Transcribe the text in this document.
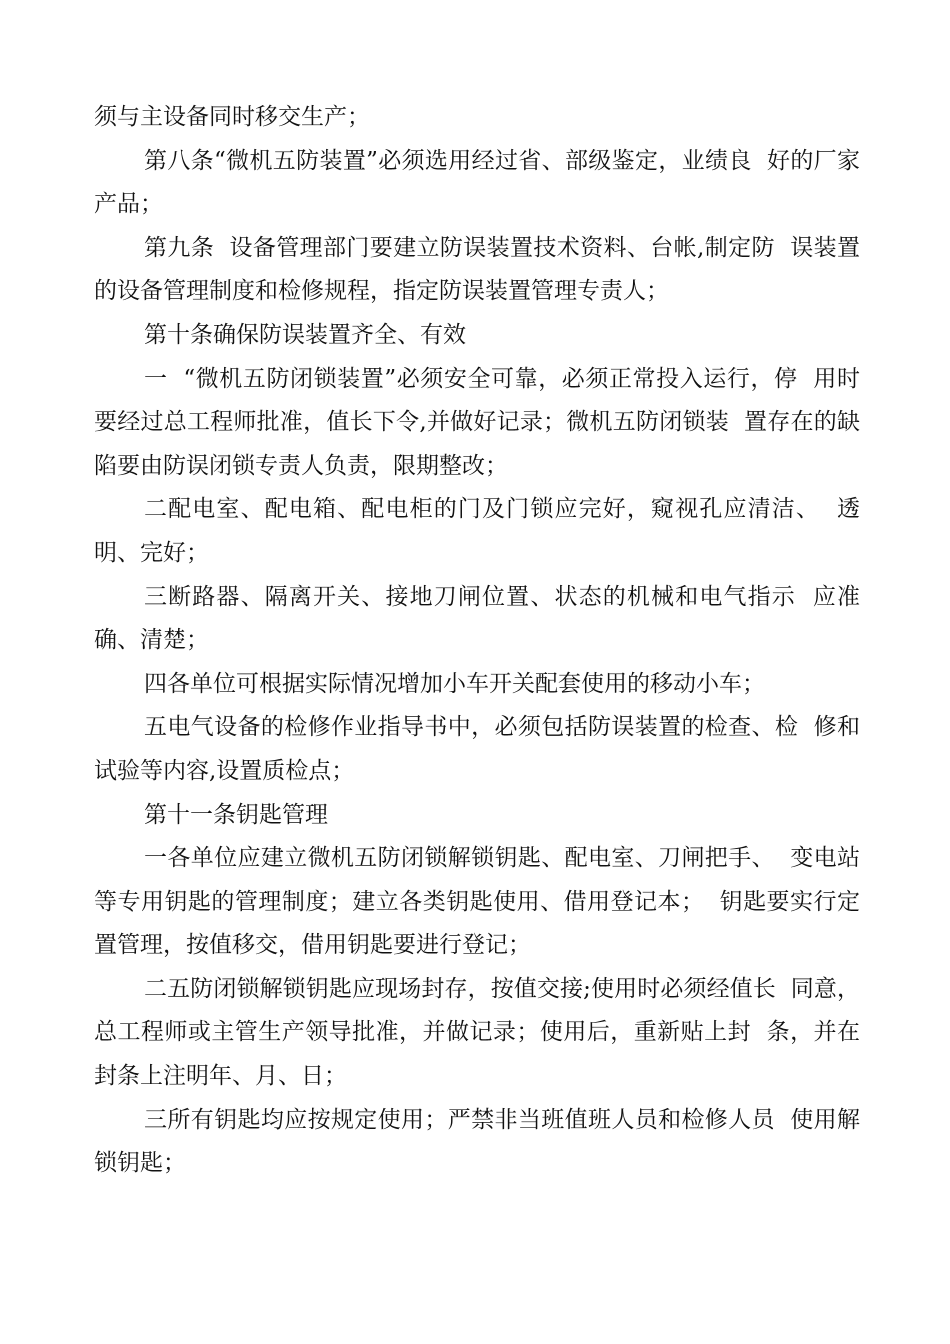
须与主设备同时移交生产；

第八条“微机五防装置”必须选用经过省、部级鉴定，业绩良  好的厂家产品；

第九条  设备管理部门要建立防误装置技术资料、台帐,制定防  误装置的设备管理制度和检修规程，指定防误装置管理专责人；

第十条确保防误装置齐全、有效

一  “微机五防闭锁装置”必须安全可靠，必须正常投入运行，停  用时要经过总工程师批准，值长下令,并做好记录；微机五防闭锁装  置存在的缺陷要由防误闭锁专责人负责，限期整改；

二配电室、配电箱、配电柜的门及门锁应完好，窥视孔应清洁、  透明、完好；

三断路器、隔离开关、接地刀闸位置、状态的机械和电气指示  应准确、清楚；

四各单位可根据实际情况增加小车开关配套使用的移动小车；

五电气设备的检修作业指导书中，必须包括防误装置的检查、检  修和试验等内容,设置质检点；

第十一条钥匙管理

一各单位应建立微机五防闭锁解锁钥匙、配电室、刀闸把手、  变电站等专用钥匙的管理制度；建立各类钥匙使用、借用登记本；  钥匙要实行定置管理，按值移交，借用钥匙要进行登记；

二五防闭锁解锁钥匙应现场封存，按值交接;使用时必须经值长  同意，总工程师或主管生产领导批准，并做记录；使用后，重新贴上封  条，并在封条上注明年、月、日；

三所有钥匙均应按规定使用；严禁非当班值班人员和检修人员  使用解锁钥匙；
